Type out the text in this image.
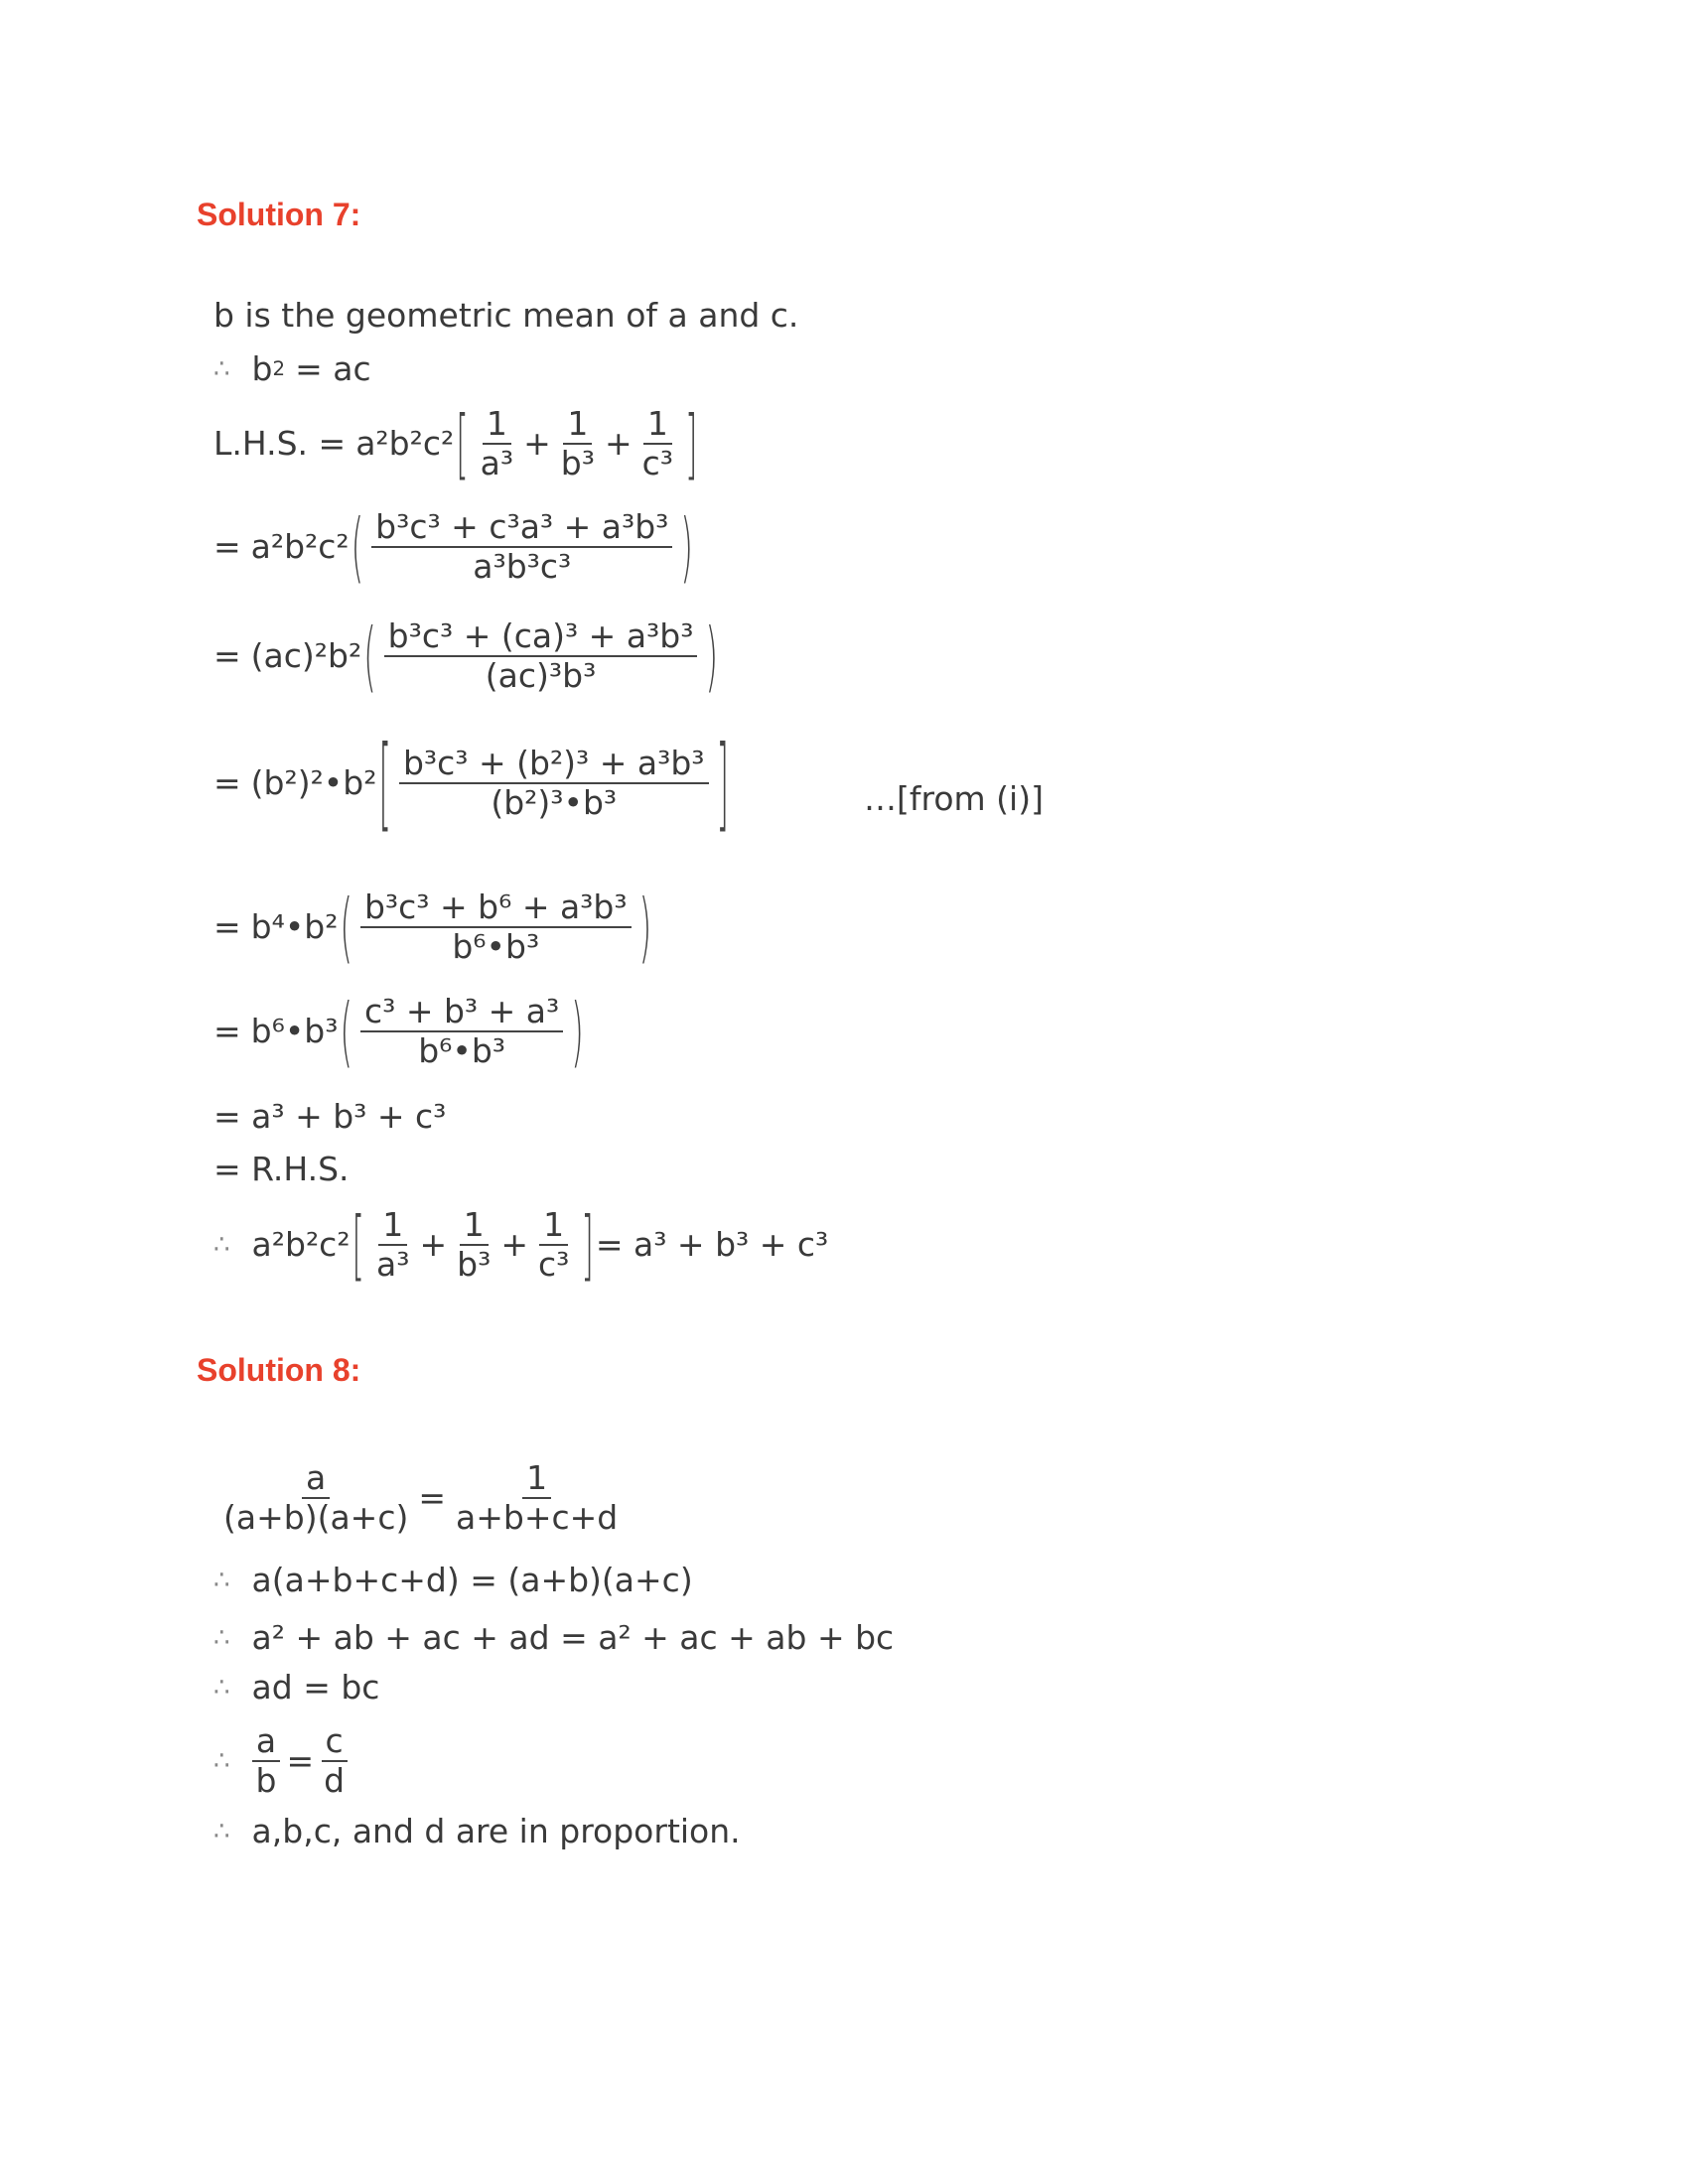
Solution 7:
b is the geometric mean of a and c.
∴ b 2 = ac
L.H.S. = a²b²c² [ $\frac{1}{\text{a³}} + \frac{1}{\text{b³}} + \frac{1}{\text{c³}}$ ]
= a²b²c² ( $\frac{\text{b³c³ + c³a³ + a³b³}}{\text{a³b³c³}}$ )
= (ac)²b² ( $\frac{\text{b³c³ + (ca)³ + a³b³}}{\text{(ac)³b³}}$ )
= (b²)²•b² [ $\frac{\text{b³c³ + (b²)³ + a³b³}}{\text{(b²)³•b³}}$ ]	…[from (i)]
= b⁴•b² ( $\frac{\text{b³c³ + b⁶ + a³b³}}{\text{b⁶•b³}}$ )
= b⁶•b³ ( $\frac{\text{c³ + b³ + a³}}{\text{b⁶•b³}}$ )
= a³ + b³ + c³
= R.H.S.
∴ a²b²c² [ $\frac{1}{\text{a³}} + \frac{1}{\text{b³}} + \frac{1}{\text{c³}}$ ] = a³ + b³ + c³
Solution 8:
$\frac{a}{(a+b)(a+c)} = \frac{1}{a+b+c+d}$
∴ a(a+b+c+d) = (a+b)(a+c)
∴ a² + ab + ac + ad = a² + ac + ab + bc
∴ ad = bc
∴ $\frac{a}{b} = \frac{c}{d}$
∴ a,b,c, and d are in proportion.
